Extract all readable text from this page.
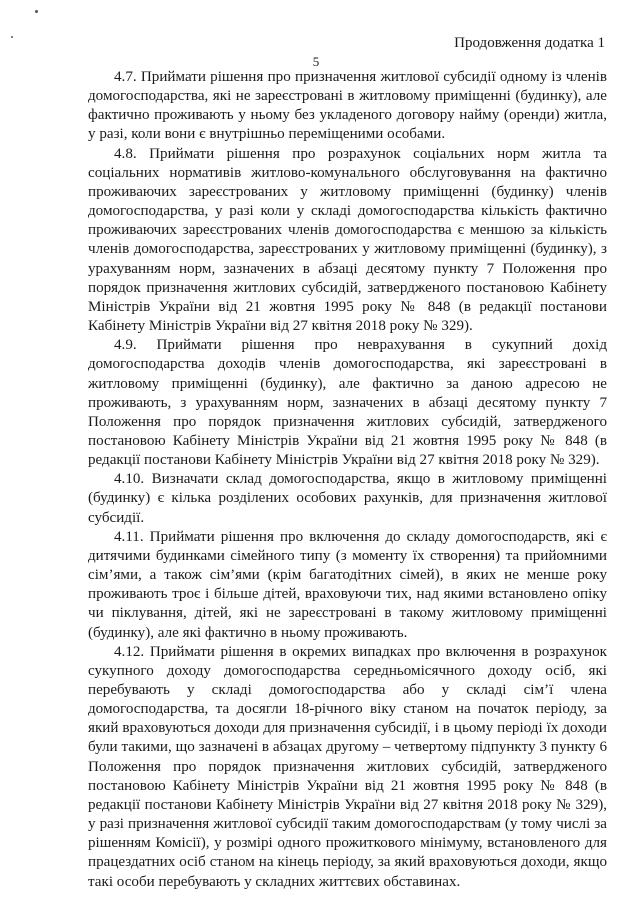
Продовження додатка 1
5

4.7. Приймати рішення про призначення житлової субсидії одному із членів домогосподарства, які не зареєстровані в житловому приміщенні (будинку), але фактично проживають у ньому без укладеного договору найму (оренди) житла, у разі, коли вони є внутрішньо переміщеними особами.

4.8. Приймати рішення про розрахунок соціальних норм житла та соціальних нормативів житлово-комунального обслуговування на фактично проживаючих зареєстрованих у житловому приміщенні (будинку) членів домогосподарства, у разі коли у складі домогосподарства кількість фактично проживаючих зареєстрованих членів домогосподарства є меншою за кількість членів домогосподарства, зареєстрованих у житловому приміщенні (будинку), з урахуванням норм, зазначених в абзаці десятому пункту 7 Положення про порядок призначення житлових субсидій, затвердженого постановою Кабінету Міністрів України від 21 жовтня 1995 року № 848 (в редакції постанови Кабінету Міністрів України від 27 квітня 2018 року № 329).

4.9. Приймати рішення про неврахування в сукупний дохід домогосподарства доходів членів домогосподарства, які зареєстровані в житловому приміщенні (будинку), але фактично за даною адресою не проживають, з урахуванням норм, зазначених в абзаці десятому пункту 7 Положення про порядок призначення житлових субсидій, затвердженого постановою Кабінету Міністрів України від 21 жовтня 1995 року № 848 (в редакції постанови Кабінету Міністрів України від 27 квітня 2018 року № 329).

4.10. Визначати склад домогосподарства, якщо в житловому приміщенні (будинку) є кілька розділених особових рахунків, для призначення житлової субсидії.

4.11. Приймати рішення про включення до складу домогосподарств, які є дитячими будинками сімейного типу (з моменту їх створення) та прийомними сім’ями, а також сім’ями (крім багатодітних сімей), в яких не менше року проживають троє і більше дітей, враховуючи тих, над якими встановлено опіку чи піклування, дітей, які не зареєстровані в такому житловому приміщенні (будинку), але які фактично в ньому проживають.

4.12. Приймати рішення в окремих випадках про включення в розрахунок сукупного доходу домогосподарства середньомісячного доходу осіб, які перебувають у складі домогосподарства або у складі сім’ї члена домогосподарства, та досягли 18-річного віку станом на початок періоду, за який враховуються доходи для призначення субсидії, і в цьому періоді їх доходи були такими, що зазначені в абзацах другому – четвертому підпункту 3 пункту 6 Положення про порядок призначення житлових субсидій, затвердженого постановою Кабінету Міністрів України від 21 жовтня 1995 року № 848 (в редакції постанови Кабінету Міністрів України від 27 квітня 2018 року № 329), у разі призначення житлової субсидії таким домогосподарствам (у тому числі за рішенням Комісії), у розмірі одного прожиткового мінімуму, встановленого для працездатних осіб станом на кінець періоду, за який враховуються доходи, якщо такі особи перебувають у складних життєвих обставинах.
